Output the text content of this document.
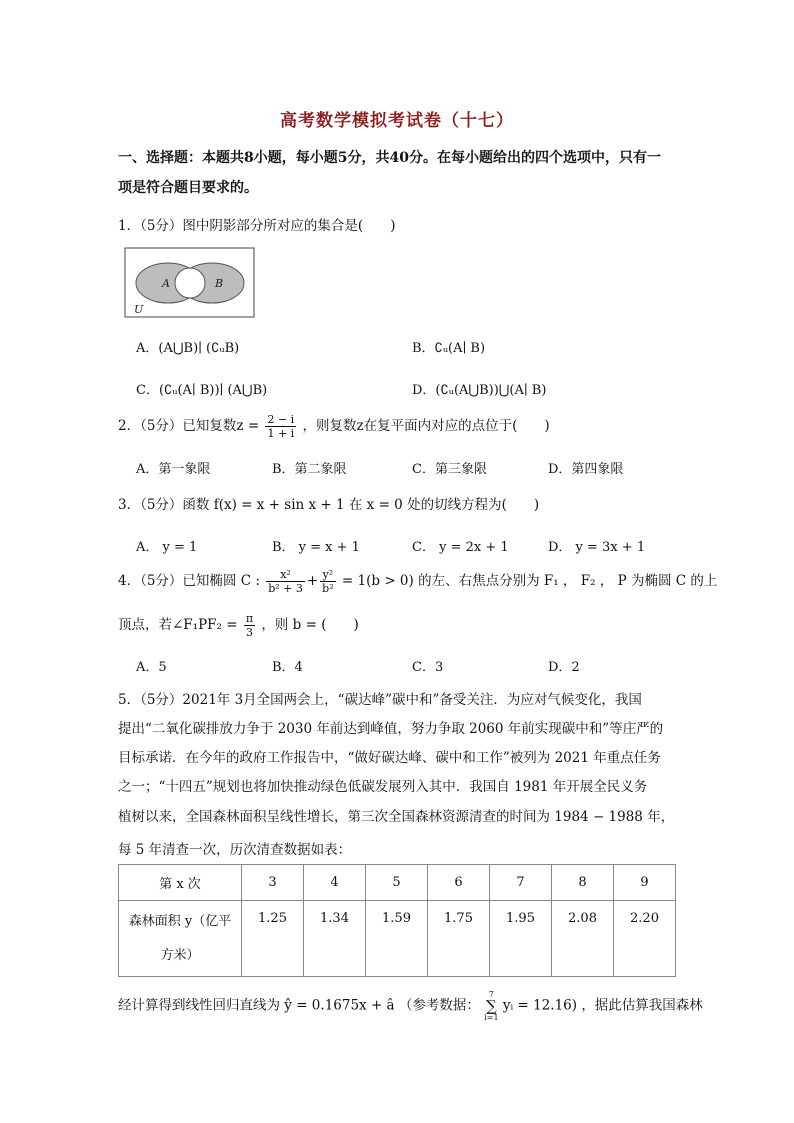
高考数学模拟考试卷（十七）
一、选择题：本题共8小题，每小题5分，共40分。在每小题给出的四个选项中，只有一
项是符合题目要求的。
1．（5分）图中阴影部分所对应的集合是(　　)
A	B
U
A．(A⋃B)∣ (∁ᵤB)	B．∁ᵤ(A∣ B)
C．(∁ᵤ(A∣ B))∣ (A⋃B)	D．(∁ᵤ(A⋃B))⋃(A∣ B)
2．（5分）已知复数$z = \frac{2 - i}{1 + i}$ ，则复数z在复平面内对应的点位于(　　)
A．第一象限	B．第二象限	C．第三象限	D．第四象限
3．（5分）函数 f(x) = x + sin x + 1 在 x = 0 处的切线方程为(　　)
A． y = 1	B． y = x + 1	C． y = 2x + 1	D． y = 3x + 1
4．（5分）已知椭圆 C : $\frac{\text{x²}}{\text{b² + 3}} + \frac{\text{y²}}{\text{b²}} = 1(b > 0)$ 的左、右焦点分别为 F₁ ， F₂ ， P 为椭圆 C 的上
顶点，若∠F₁PF₂ = $\frac{\pi}{3}$ ，则 b = (　　)
A．5	B．4	C．3	D．2
5．（5分）2021年 3月全国两会上，“碳达峰”碳中和”备受关注．为应对气候变化，我国
提出“二氧化碳排放力争于 2030 年前达到峰值，努力争取 2060 年前实现碳中和”等庄严的
目标承诺．在今年的政府工作报告中，“做好碳达峰、碳中和工作”被列为 2021 年重点任务
之一；“十四五”规划也将加快推动绿色低碳发展列入其中．我国自 1981 年开展全民义务
植树以来，全国森林面积呈线性增长，第三次全国森林资源清查的时间为 1984 − 1988 年，
每 5 年清查一次，历次清查数据如表：
第 x 次	3	4	5	6	7	8	9

森林面积 y（亿平
方米）	1.25	1.34	1.59	1.75	1.95	2.08	2.20
经计算得到线性回归直线为 ŷ = 0.1675x + â （参考数据：
7
∑
i=1
yᵢ = 12.16) ，据此估算我国森林
